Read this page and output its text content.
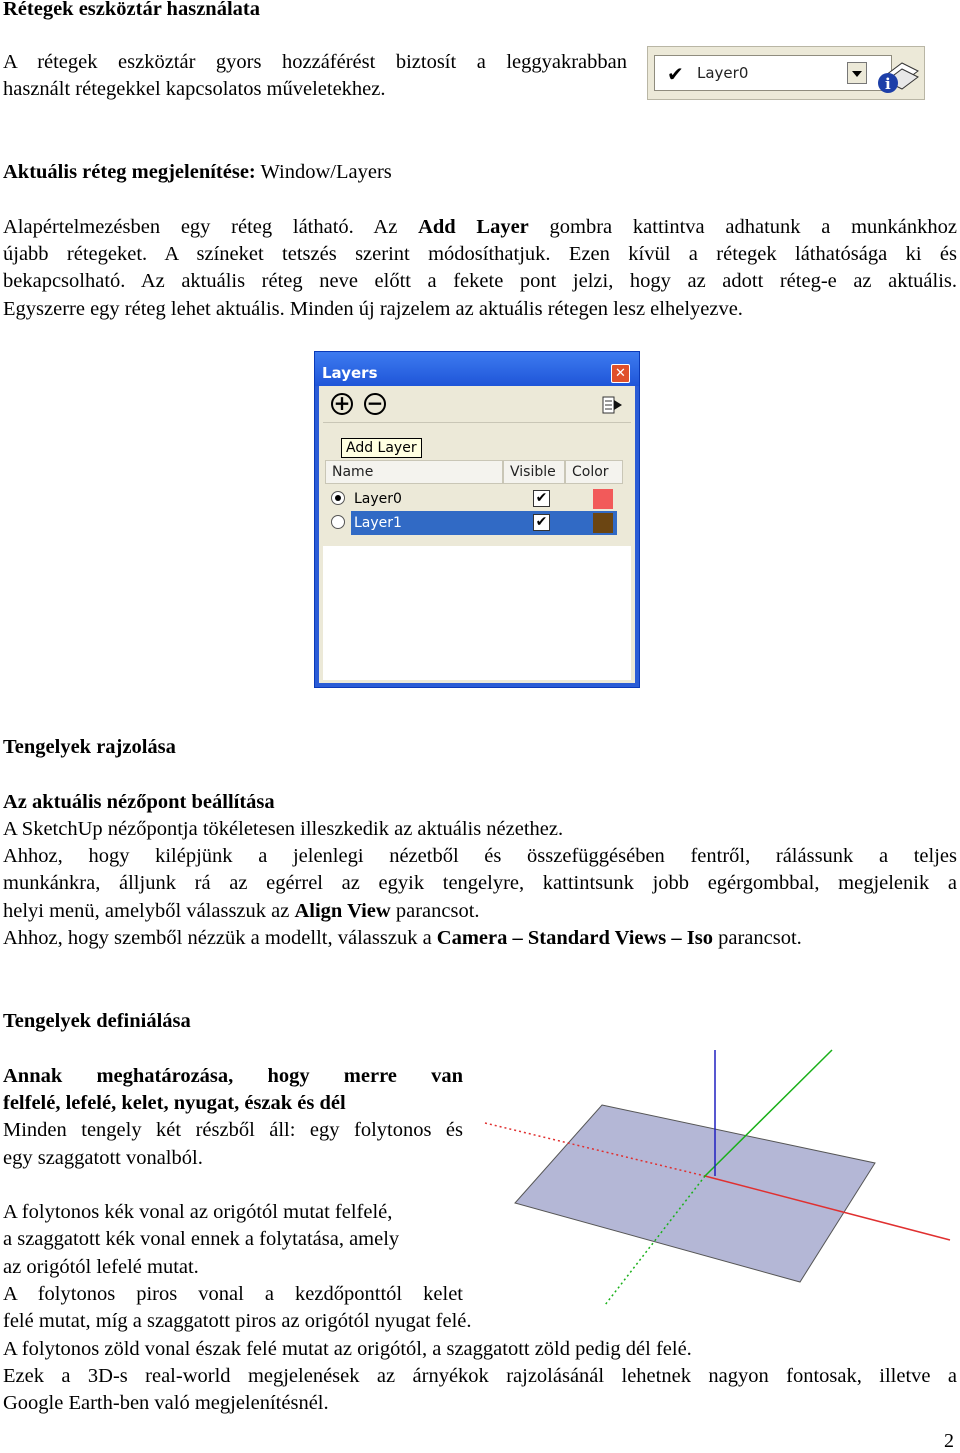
Rétegek eszköztár használata
A rétegek eszköztár gyors hozzáférést biztosít a leggyakrabban
használt rétegekkel kapcsolatos műveletekhez.
✔ Layer0
i
Aktuális réteg megjelenítése: Window/Layers
Alapértelmezésben egy réteg látható. Az Add Layer gombra kattintva adhatunk a munkánkhoz
újabb rétegeket. A színeket tetszés szerint módosíthatjuk. Ezen kívül a rétegek láthatósága ki és
bekapcsolható. Az aktuális réteg neve előtt a fekete pont jelzi, hogy az adott réteg-e az aktuális.
Egyszerre egy réteg lehet aktuális. Minden új rajzelem az aktuális rétegen lesz elhelyezve.
Layers	✕
+ −
Name	Visible	Color
Layer0	✔
Layer1	✔
Add Layer
Tengelyek rajzolása
Az aktuális nézőpont beállítása
A SketchUp nézőpontja tökéletesen illeszkedik az aktuális nézethez.
Ahhoz, hogy kilépjünk a jelenlegi nézetből és összefüggésében fentről, rálássunk a teljes
munkánkra, álljunk rá az egérrel az egyik tengelyre, kattintsunk jobb egérgombbal, megjelenik a
helyi menü, amelyből válasszuk az Align View parancsot.
Ahhoz, hogy szemből nézzük a modellt, válasszuk a Camera – Standard Views – Iso parancsot.
Tengelyek definiálása
Annak meghatározása, hogy merre van
felfelé, lefelé, kelet, nyugat, észak és dél
Minden tengely két részből áll: egy folytonos és
egy szaggatott vonalból.
A folytonos kék vonal az origótól mutat felfelé,
a szaggatott kék vonal ennek a folytatása, amely
az origótól lefelé mutat.
A folytonos piros vonal a kezdőponttól kelet
felé mutat, míg a szaggatott piros az origótól nyugat felé.
A folytonos zöld vonal észak felé mutat az origótól, a szaggatott zöld pedig dél felé.
Ezek a 3D-s real-world megjelenések az árnyékok rajzolásánál lehetnek nagyon fontosak, illetve a
Google Earth-ben való megjelenítésnél.
2
